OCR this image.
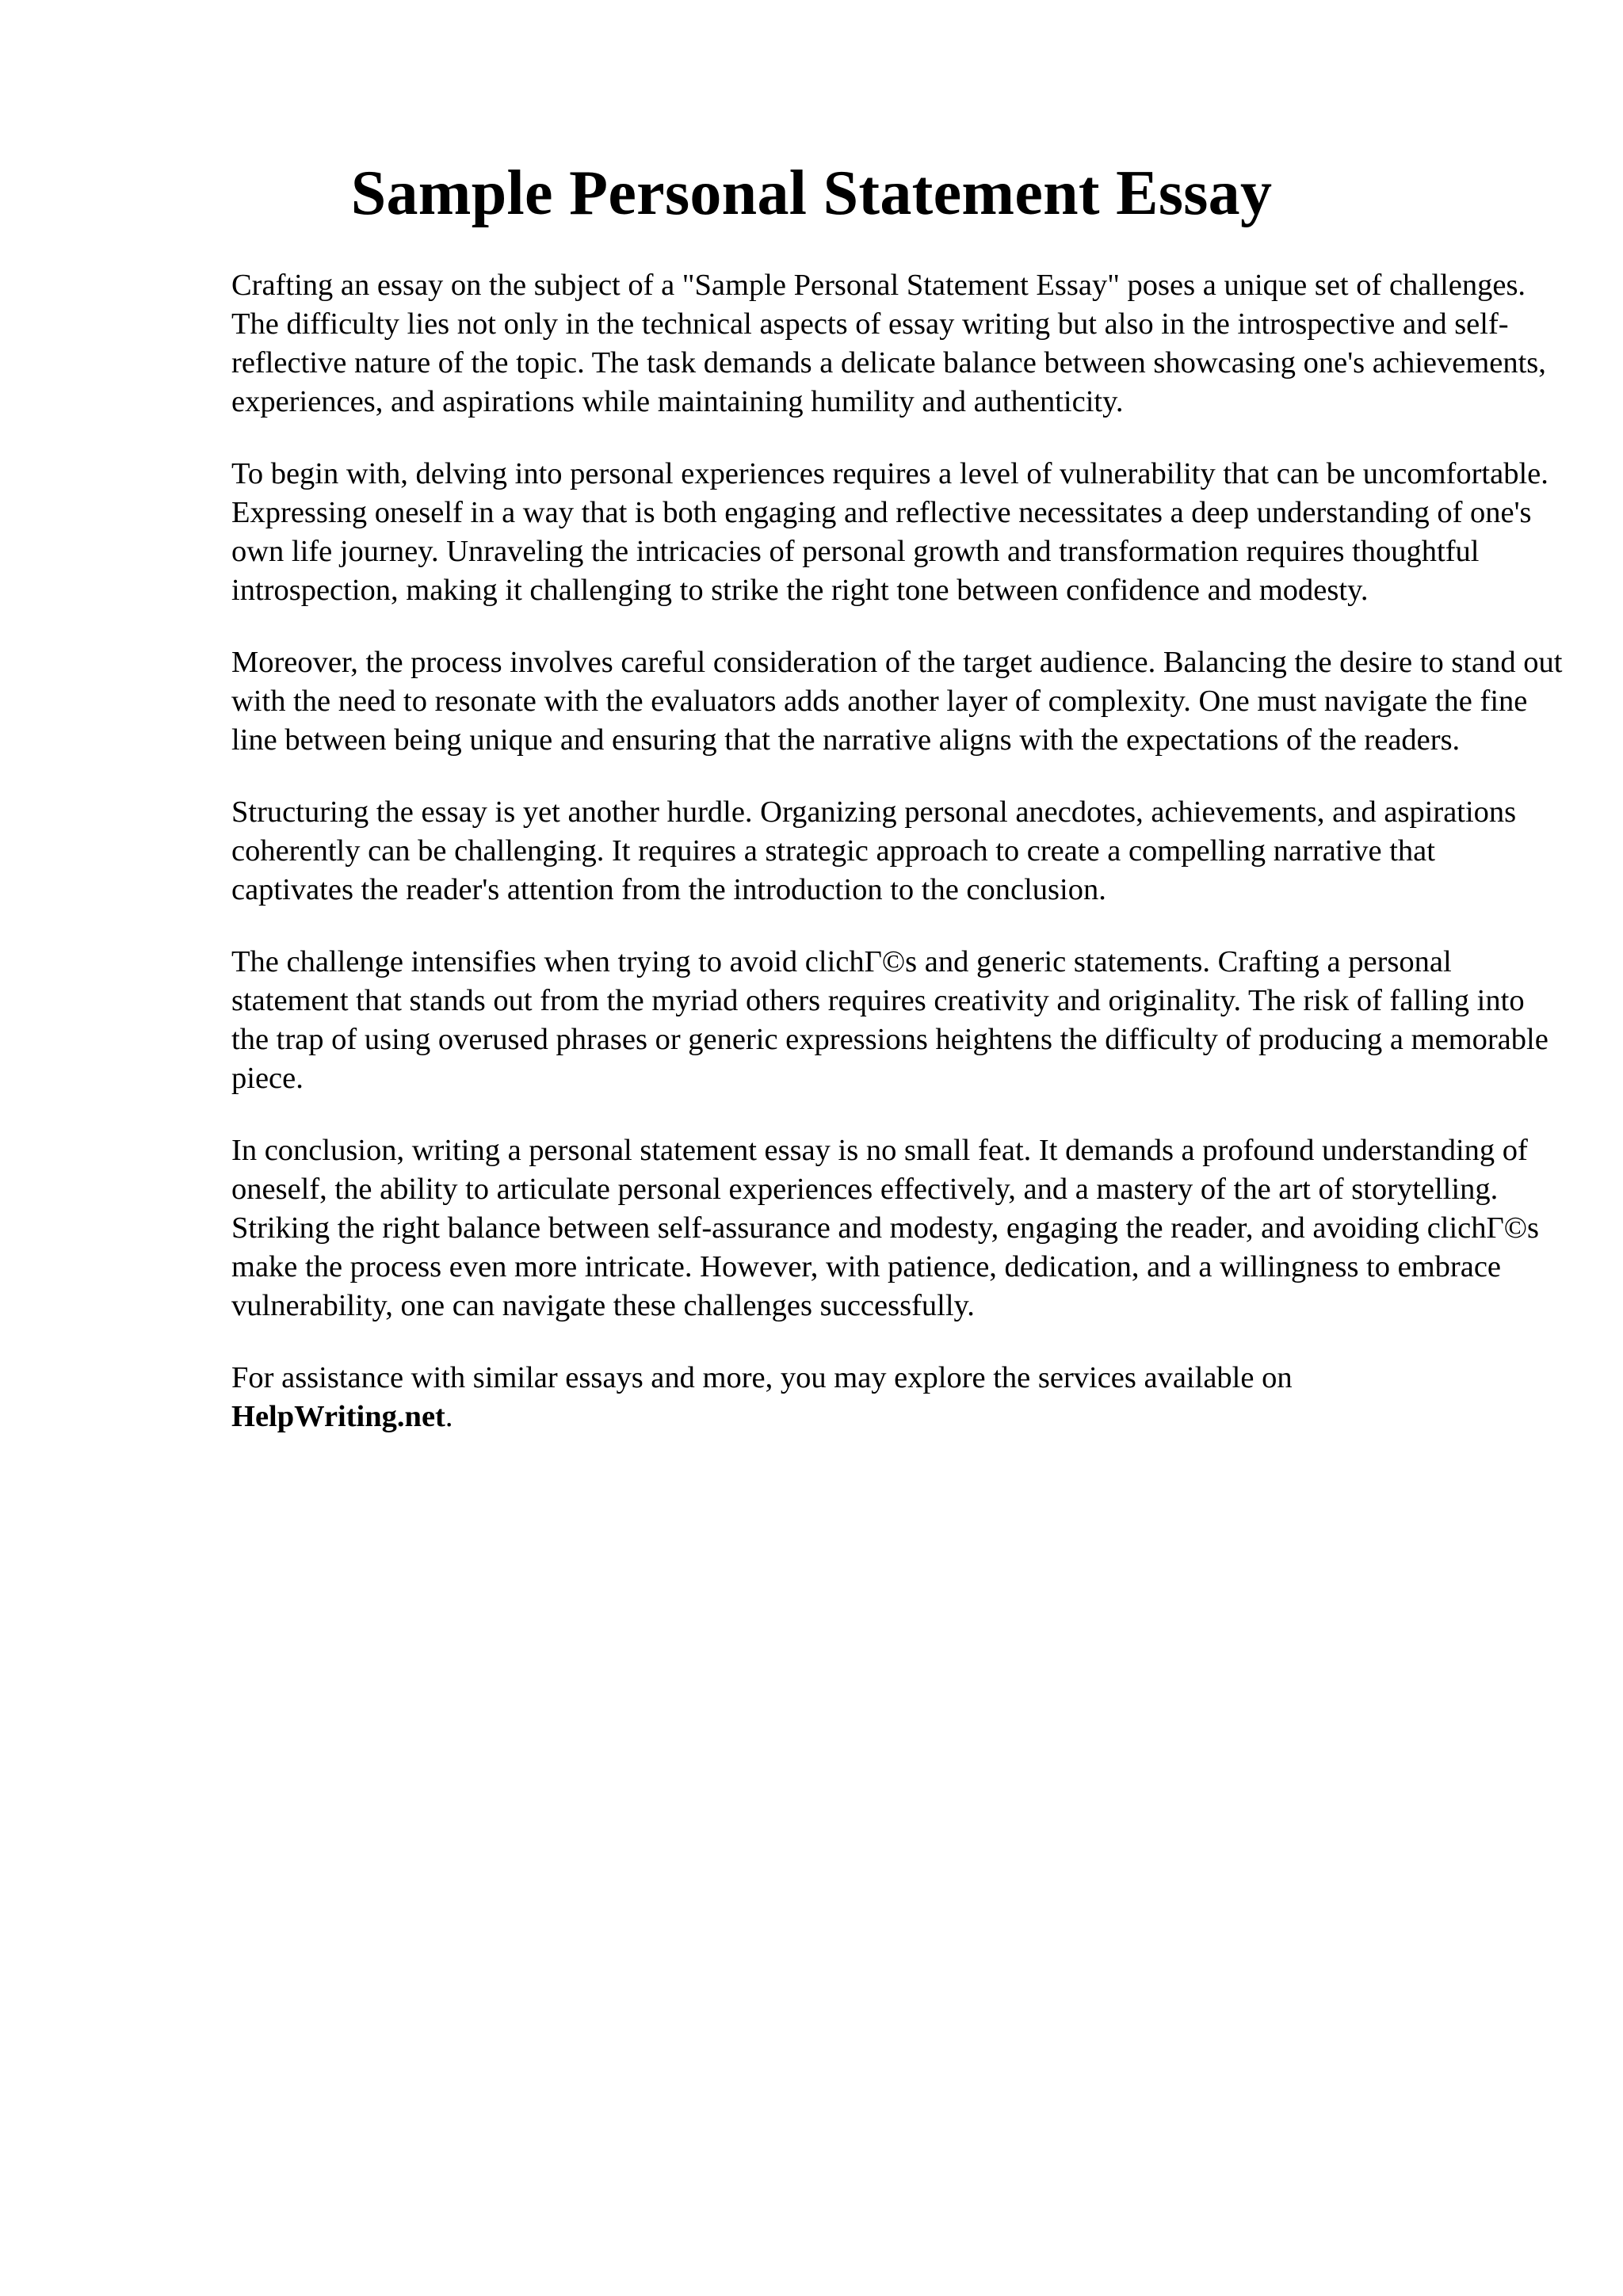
Sample Personal Statement Essay

Crafting an essay on the subject of a "Sample Personal Statement Essay" poses a unique set of challenges. The difficulty lies not only in the technical aspects of essay writing but also in the introspective and self-reflective nature of the topic. The task demands a delicate balance between showcasing one's achievements, experiences, and aspirations while maintaining humility and authenticity.

To begin with, delving into personal experiences requires a level of vulnerability that can be uncomfortable. Expressing oneself in a way that is both engaging and reflective necessitates a deep understanding of one's own life journey. Unraveling the intricacies of personal growth and transformation requires thoughtful introspection, making it challenging to strike the right tone between confidence and modesty.

Moreover, the process involves careful consideration of the target audience. Balancing the desire to stand out with the need to resonate with the evaluators adds another layer of complexity. One must navigate the fine line between being unique and ensuring that the narrative aligns with the expectations of the readers.

Structuring the essay is yet another hurdle. Organizing personal anecdotes, achievements, and aspirations coherently can be challenging. It requires a strategic approach to create a compelling narrative that captivates the reader's attention from the introduction to the conclusion.

The challenge intensifies when trying to avoid clichΓ©s and generic statements. Crafting a personal statement that stands out from the myriad others requires creativity and originality. The risk of falling into the trap of using overused phrases or generic expressions heightens the difficulty of producing a memorable piece.

In conclusion, writing a personal statement essay is no small feat. It demands a profound understanding of oneself, the ability to articulate personal experiences effectively, and a mastery of the art of storytelling. Striking the right balance between self-assurance and modesty, engaging the reader, and avoiding clichΓ©s make the process even more intricate. However, with patience, dedication, and a willingness to embrace vulnerability, one can navigate these challenges successfully.

For assistance with similar essays and more, you may explore the services available on
HelpWriting.net.
